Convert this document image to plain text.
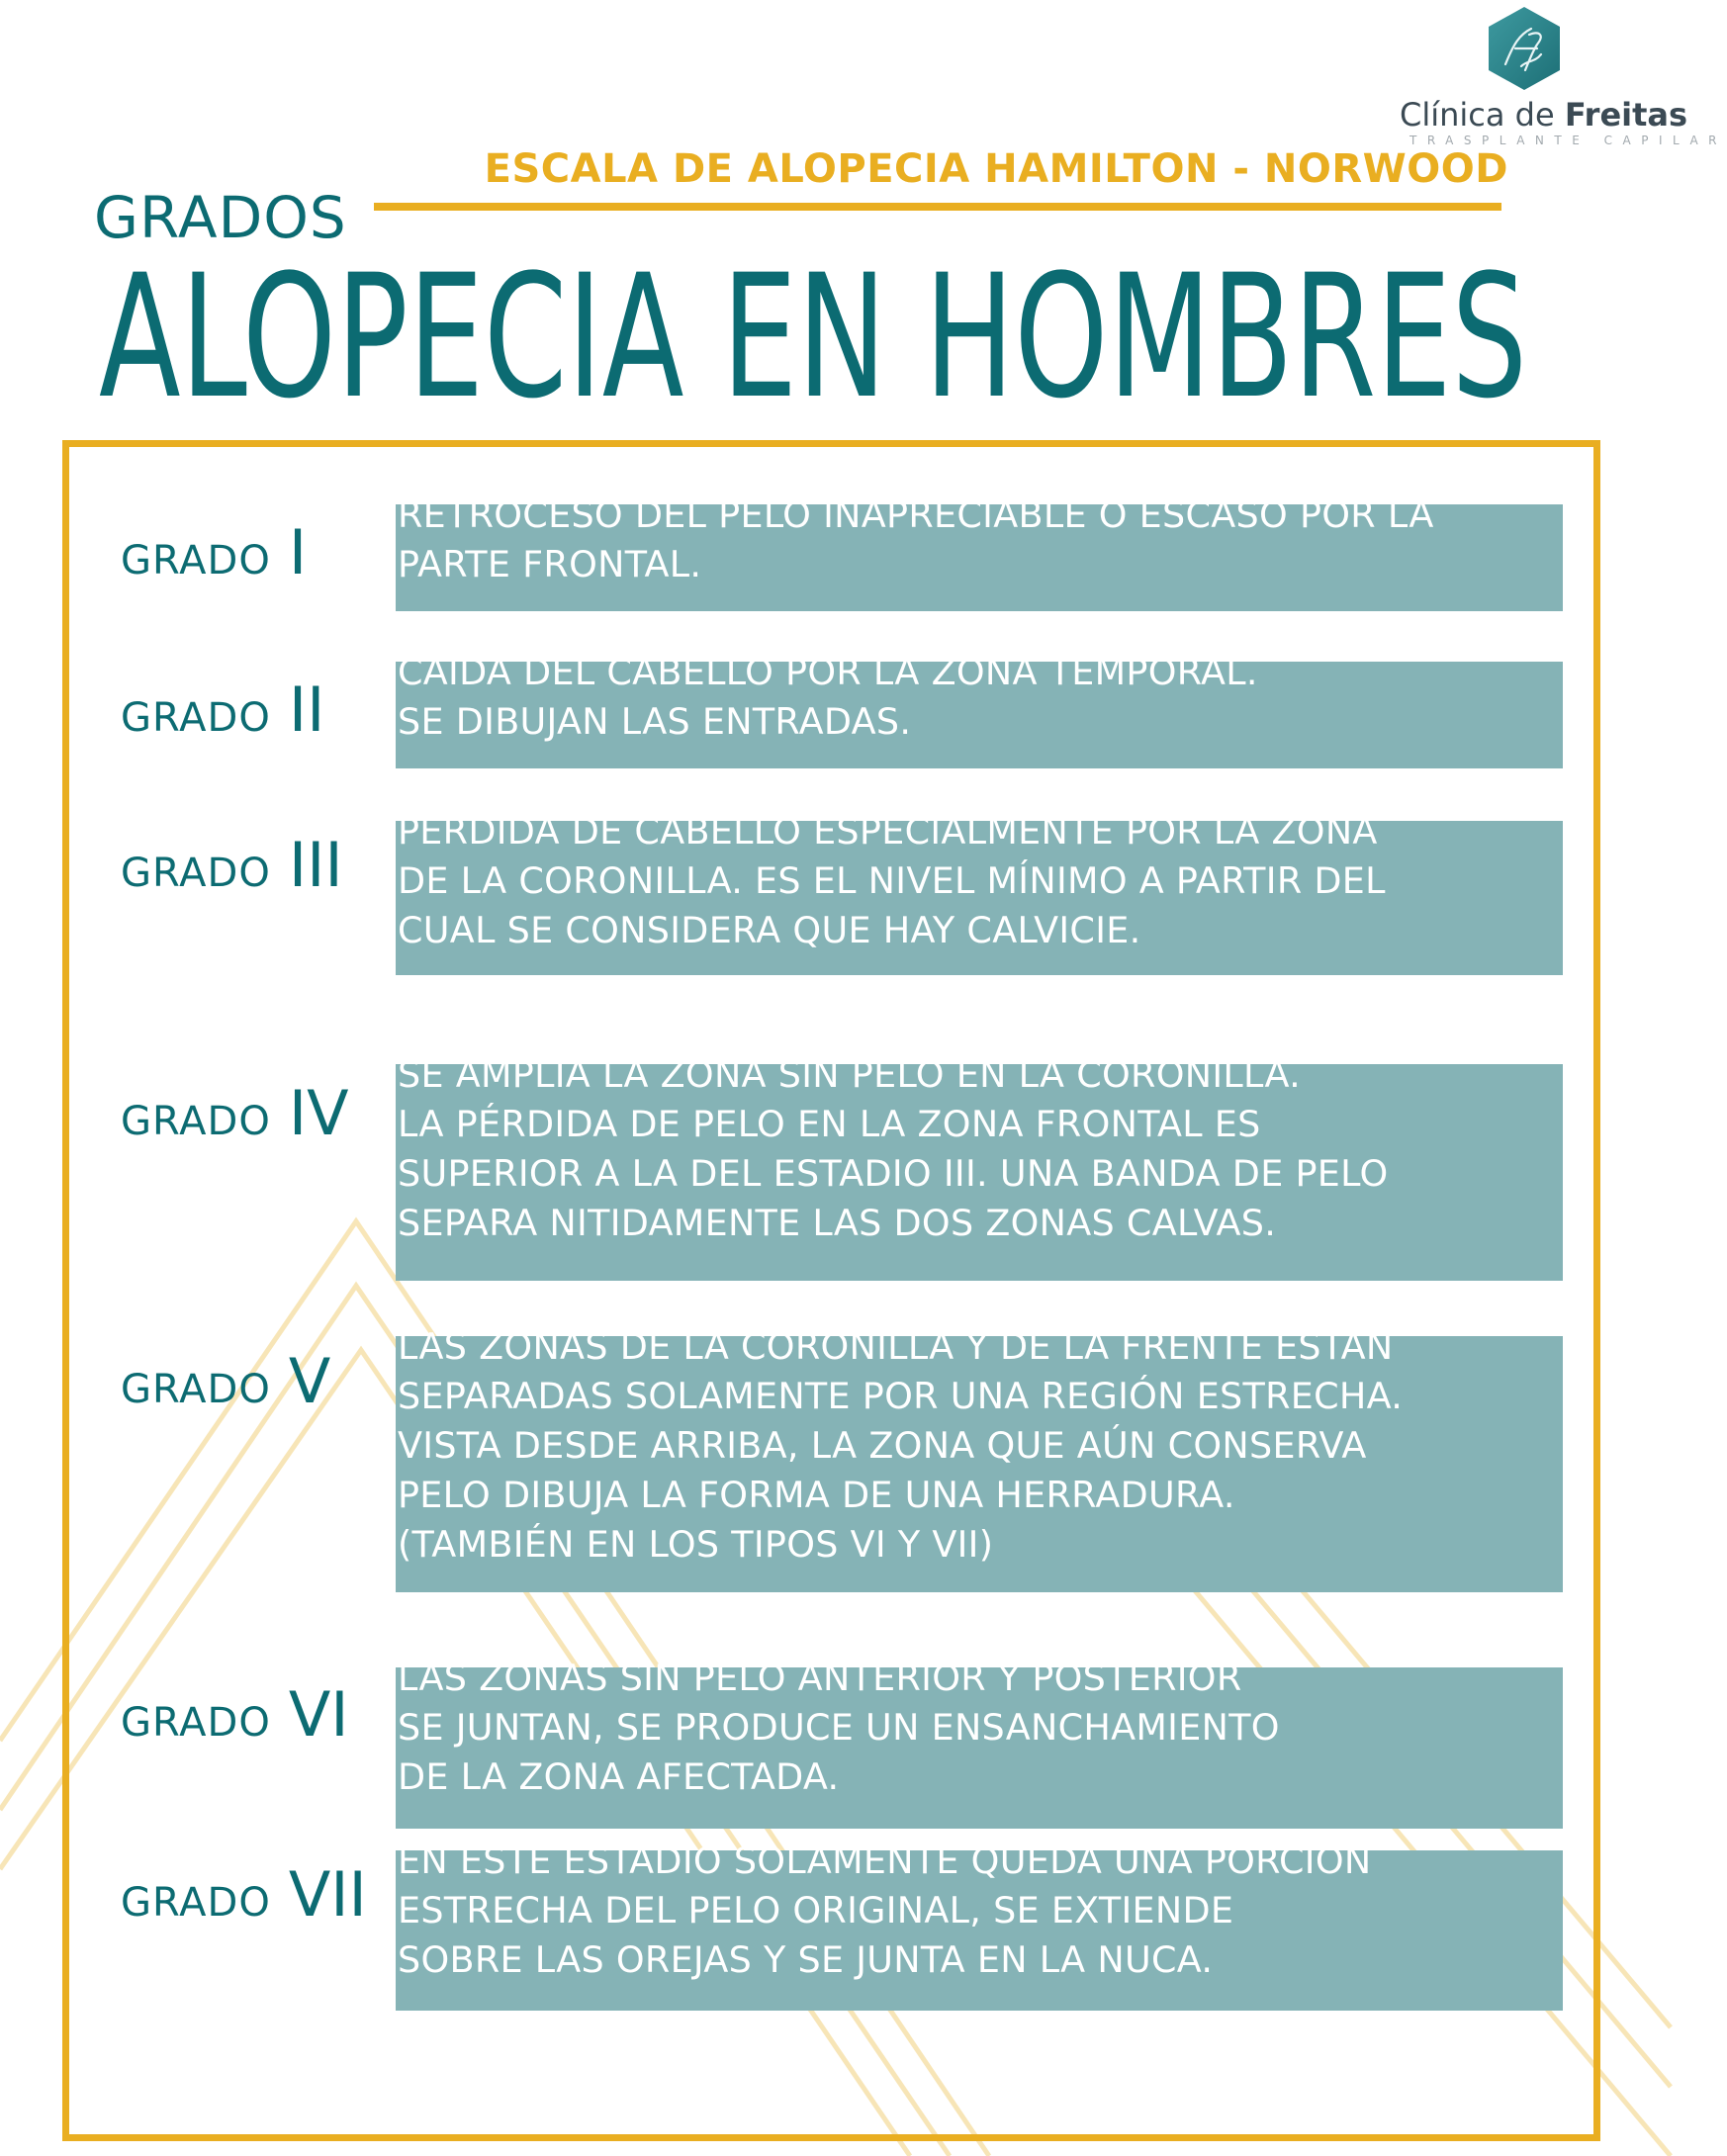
Clínica de Freitas
TRASPLANTE CAPILAR
ESCALA DE ALOPECIA HAMILTON - NORWOOD
GRADOS
ALOPECIA EN HOMBRES
GRADO I

RETROCESO DEL PELO INAPRECIABLE O ESCASO POR LA
PARTE FRONTAL.

GRADO II

CAÍDA DEL CABELLO POR LA ZONA TEMPORAL.
SE DIBUJAN LAS ENTRADAS.

GRADO III PÉRDIDA DE CABELLO ESPECIALMENTE POR LA ZONA
DE LA CORONILLA. ES EL NIVEL MÍNIMO A PARTIR DEL
CUAL SE CONSIDERA QUE HAY CALVICIE.

GRADO IV

SE AMPLÍA LA ZONA SIN PELO EN LA CORONILLA.
LA PÉRDIDA DE PELO EN LA ZONA FRONTAL ES
SUPERIOR A LA DEL ESTADIO III. UNA BANDA DE PELO
SEPARA NITIDAMENTE LAS DOS ZONAS CALVAS.

GRADO V LAS ZONAS DE LA CORONILLA Y DE LA FRENTE ESTÁN
SEPARADAS SOLAMENTE POR UNA REGIÓN ESTRECHA.
VISTA DESDE ARRIBA, LA ZONA QUE AÚN CONSERVA
PELO DIBUJA LA FORMA DE UNA HERRADURA.
(TAMBIÉN EN LOS TIPOS VI Y VII)

GRADO VI

LAS ZONAS SIN PELO ANTERIOR Y POSTERIOR
SE JUNTAN, SE PRODUCE UN ENSANCHAMIENTO
DE LA ZONA AFECTADA.

GRADO VII EN ESTE ESTADIO SOLAMENTE QUEDA UNA PORCIÓN
ESTRECHA DEL PELO ORIGINAL, SE EXTIENDE
SOBRE LAS OREJAS Y SE JUNTA EN LA NUCA.
